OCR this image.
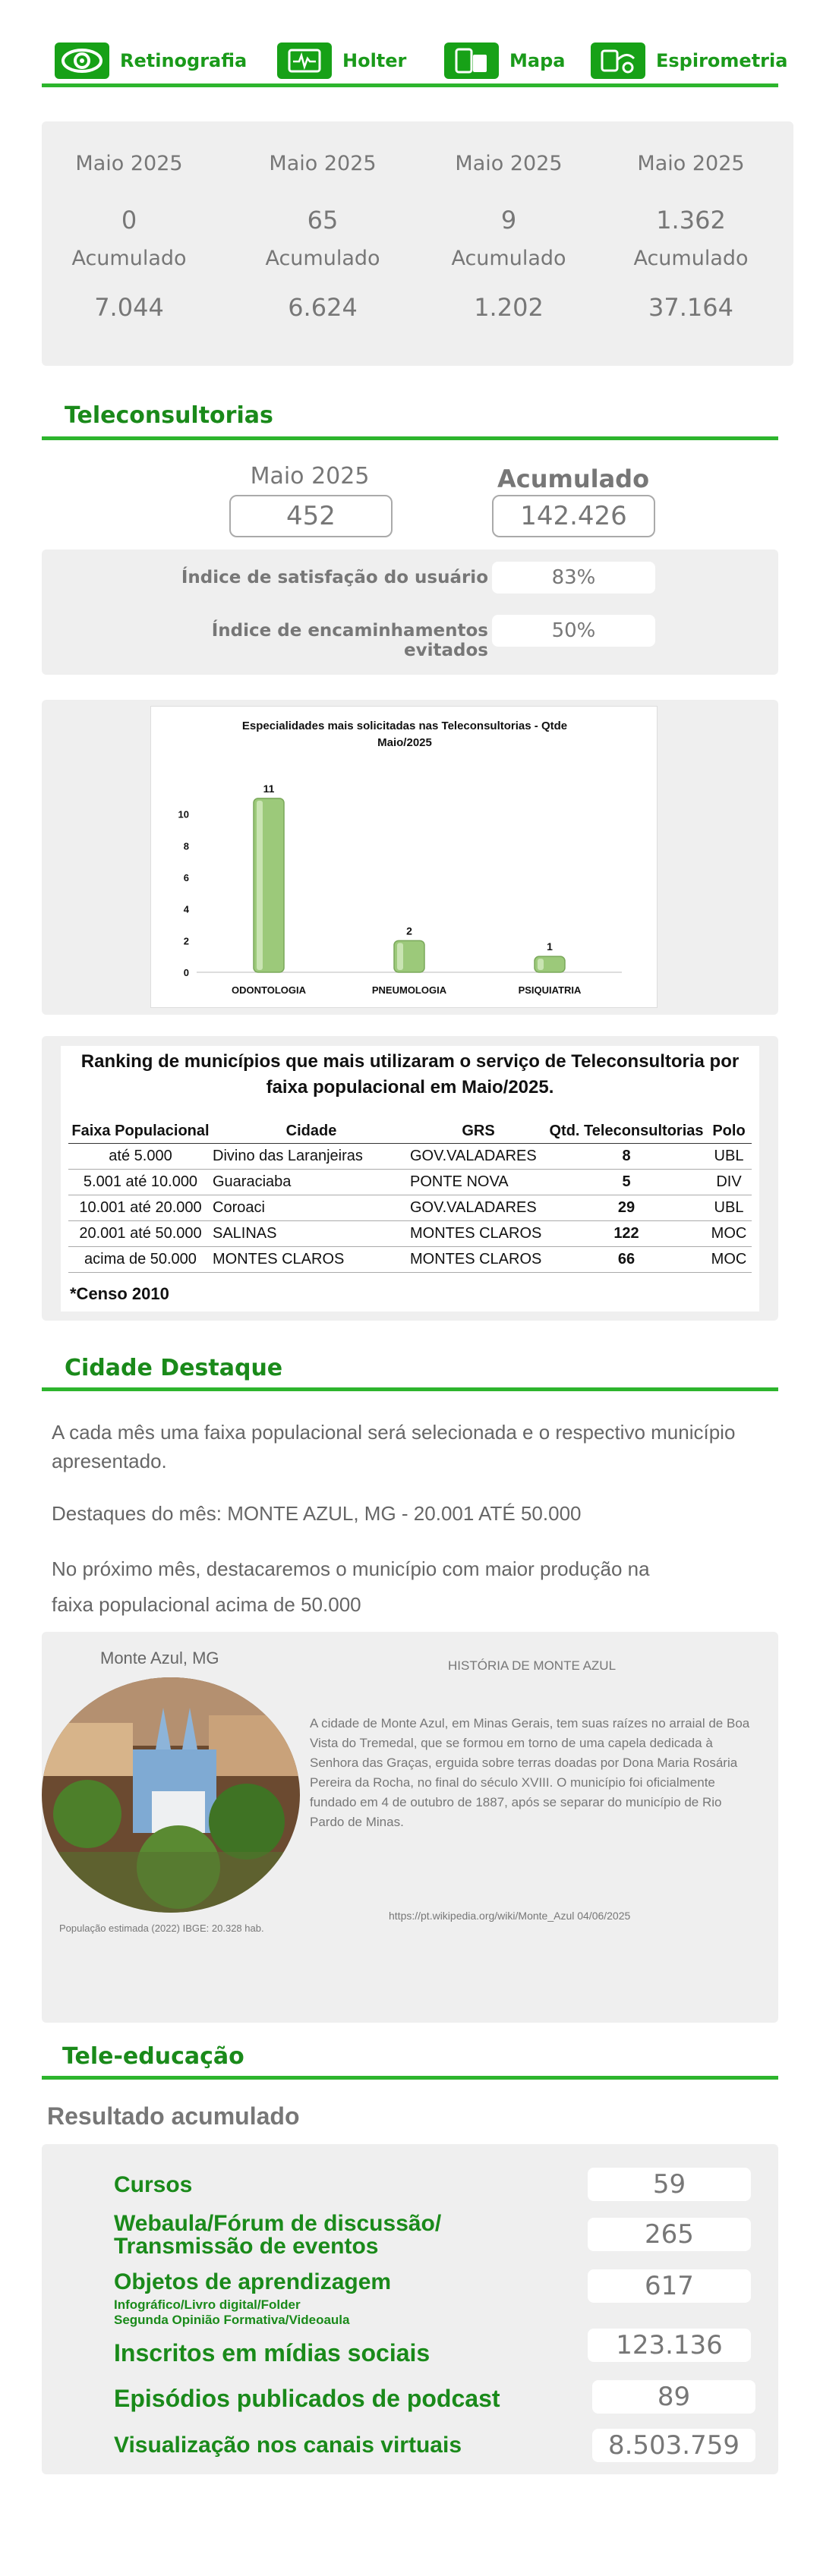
Retinografia	Holter	Mapa	Espirometria
Maio 2025
0
Acumulado
7.044
Maio 2025
65
Acumulado
6.624
Maio 2025
9
Acumulado
1.202
Maio 2025
1.362
Acumulado
37.164
Teleconsultorias
Maio 2025
452
Acumulado
142.426
Índice de satisfação do usuário	83%
Índice de encaminhamentos evitados
50%
Especialidades mais solicitadas nas Teleconsultorias - Qtde
Maio/2025
0
2
4
6
8
10
11
ODONTOLOGIA
2
PNEUMOLOGIA
1
PSIQUIATRIA
Ranking de municípios que mais utilizaram o serviço de Teleconsultoria por faixa populacional em Maio/2025.
Faixa Populacional	Cidade	GRS	Qtd. Teleconsultorias	Polo
até 5.000	Divino das Laranjeiras	GOV.VALADARES	8	UBL
5.001 até 10.000	Guaraciaba	PONTE NOVA	5	DIV
10.001 até 20.000	Coroaci	GOV.VALADARES	29	UBL
20.001 até 50.000	SALINAS	MONTES CLAROS	122	MOC
acima de 50.000	MONTES CLAROS	MONTES CLAROS	66	MOC
*Censo 2010
Cidade Destaque
A cada mês uma faixa populacional será selecionada e o respectivo município apresentado.
Destaques do mês: MONTE AZUL, MG - 20.001 ATÉ 50.000
No próximo mês, destacaremos o município com maior produção na
faixa populacional acima de 50.000
Monte Azul, MG	HISTÓRIA DE MONTE AZUL
A cidade de Monte Azul, em Minas Gerais, tem suas raízes no arraial de Boa Vista do Tremedal, que se formou em torno de uma capela dedicada à Senhora das Graças, erguida sobre terras doadas por Dona Maria Rosária Pereira da Rocha, no final do século XVIII. O município foi oficialmente fundado em 4 de outubro de 1887, após se separar do município de Rio Pardo de Minas.
https://pt.wikipedia.org/wiki/Monte_Azul 04/06/2025
População estimada (2022) IBGE: 20.328 hab.
Tele-educação
Resultado acumulado
Cursos	59
Webaula/Fórum de discussão/
Transmissão de eventos	265
Objetos de aprendizagem
Infográfico/Livro digital/Folder
Segunda Opinião Formativa/Videoaula
617
Inscritos em mídias sociais	123.136
Episódios publicados de podcast	89
Visualização nos canais virtuais	8.503.759
